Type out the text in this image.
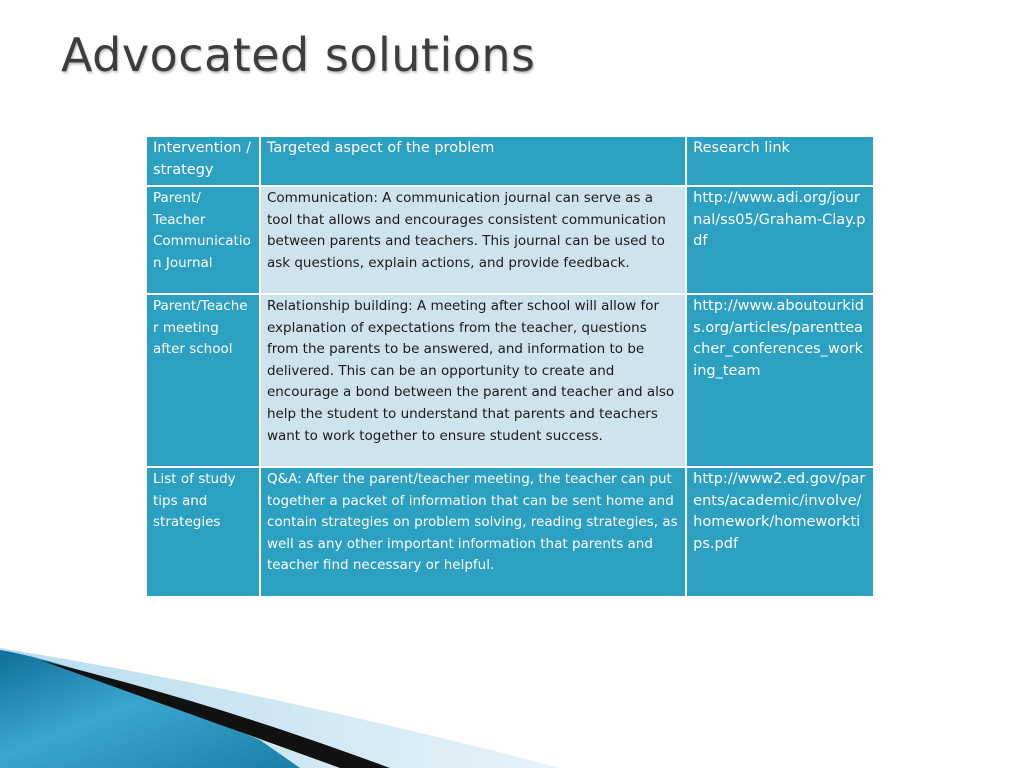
Advocated solutions
Intervention / strategy	Targeted aspect of the problem	Research link
Parent/ Teacher Communication Journal	Communication: A communication journal can serve as a tool that allows and encourages consistent communication between parents and teachers. This journal can be used to ask questions, explain actions, and provide feedback.	http://www.adi.org/journal/ss05/Graham-Clay.pdf
Parent/Teacher meeting after school	Relationship building: A meeting after school will allow for explanation of expectations from the teacher, questions from the parents to be answered, and information to be delivered. This can be an opportunity to create and encourage a bond between the parent and teacher and also help the student to understand that parents and teachers want to work together to ensure student success.	http://www.aboutourkids.org/articles/parentteacher_conferences_working_team
List of study tips and strategies	Q&A: After the parent/teacher meeting, the teacher can put together a packet of information that can be sent home and contain strategies on problem solving, reading strategies, as well as any other important information that parents and teacher find necessary or helpful.	http://www2.ed.gov/parents/academic/involve/homework/homeworktips.pdf
